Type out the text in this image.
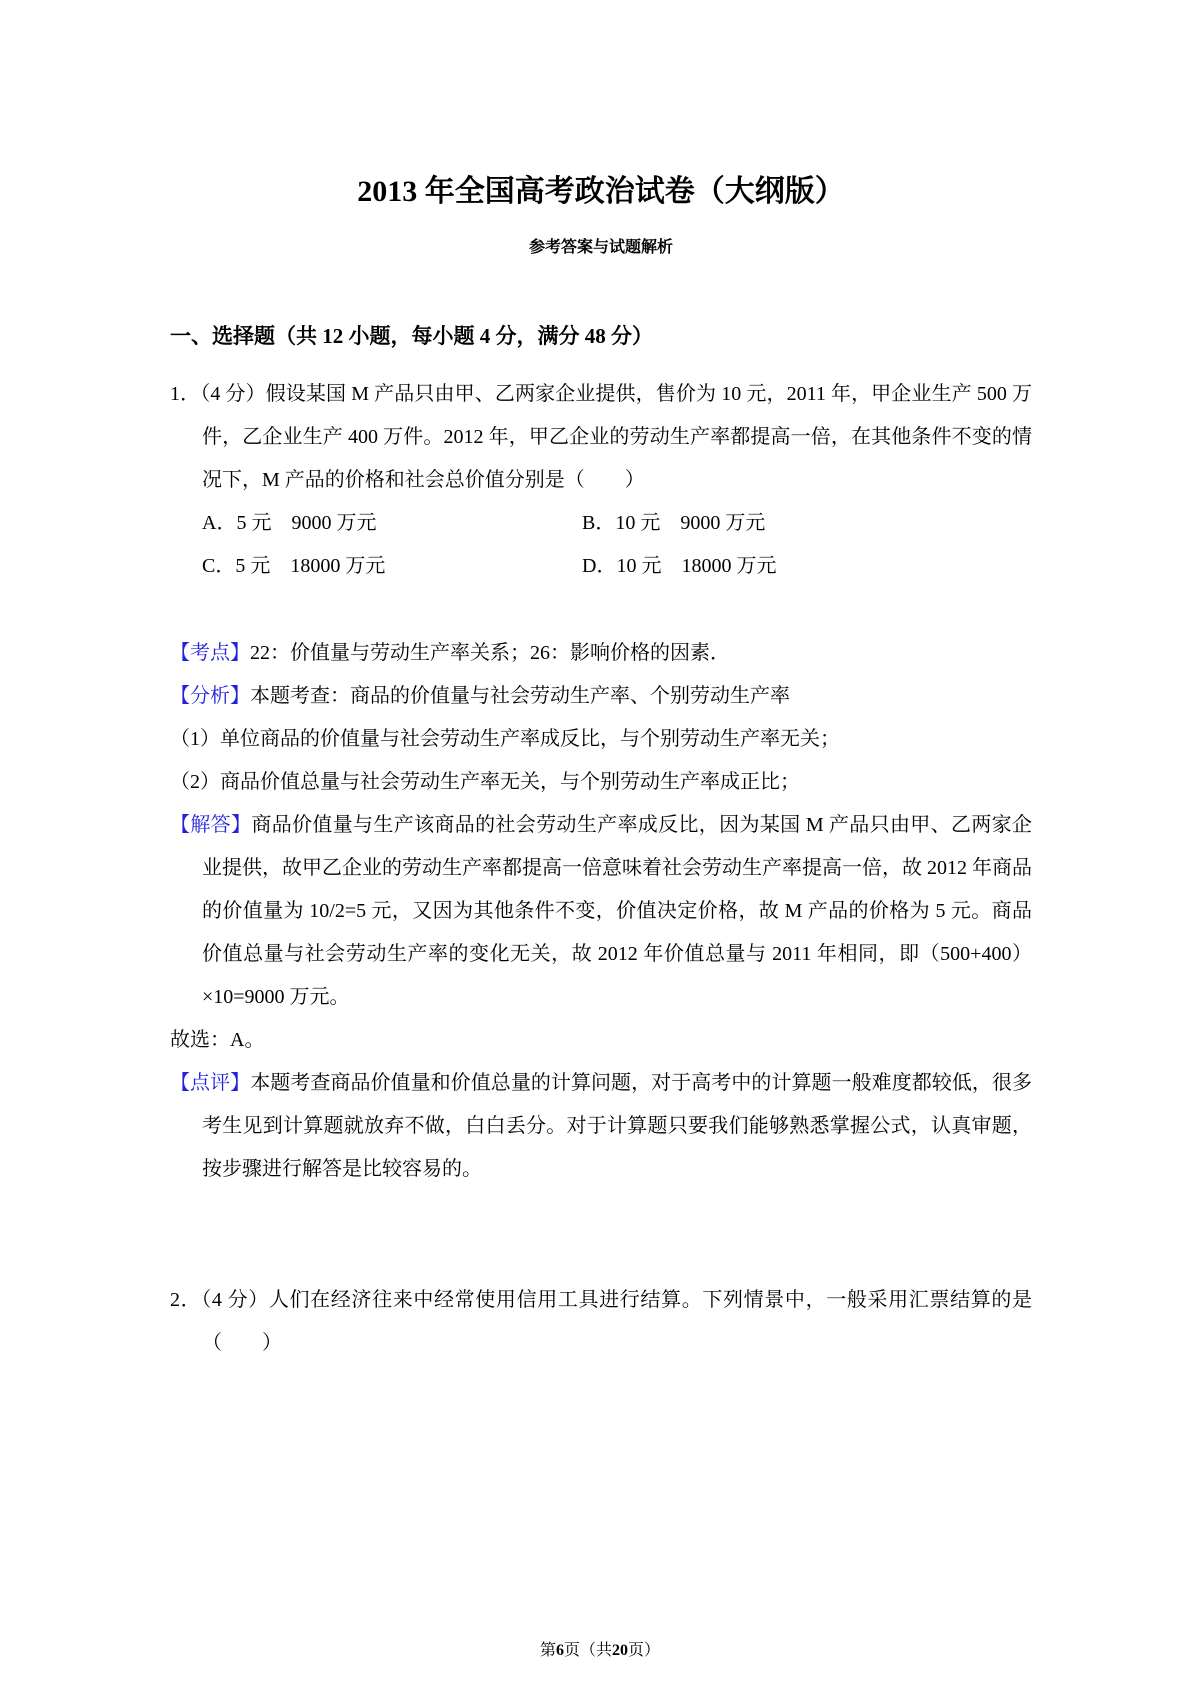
2013 年全国高考政治试卷（大纲版）
参考答案与试题解析
一、选择题（共 12 小题，每小题 4 分，满分 48 分）

1．（4 分）假设某国 M 产品只由甲、乙两家企业提供，售价为 10 元，2011 年，甲企业生产 500 万件，乙企业生产 400 万件。2012 年，甲乙企业的劳动生产率都提高一倍，在其他条件不变的情况下，M 产品的价格和社会总价值分别是（　　）

A．5 元　9000 万元	B．10 元　9000 万元
C．5 元　18000 万元	D．10 元　18000 万元

【考点】22：价值量与劳动生产率关系；26：影响价格的因素．

【分析】本题考查：商品的价值量与社会劳动生产率、个别劳动生产率

（1）单位商品的价值量与社会劳动生产率成反比，与个别劳动生产率无关；

（2）商品价值总量与社会劳动生产率无关，与个别劳动生产率成正比；

【解答】商品价值量与生产该商品的社会劳动生产率成反比，因为某国 M 产品只由甲、乙两家企业提供，故甲乙企业的劳动生产率都提高一倍意味着社会劳动生产率提高一倍，故 2012 年商品的价值量为 10/2=5 元，又因为其他条件不变，价值决定价格，故 M 产品的价格为 5 元。商品价值总量与社会劳动生产率的变化无关，故 2012 年价值总量与 2011 年相同，即（500+400）×10=9000 万元。

故选：A。

【点评】本题考查商品价值量和价值总量的计算问题，对于高考中的计算题一般难度都较低，很多考生见到计算题就放弃不做，白白丢分。对于计算题只要我们能够熟悉掌握公式，认真审题，按步骤进行解答是比较容易的。

2．（4 分）人们在经济往来中经常使用信用工具进行结算。下列情景中，一般采用汇票结算的是（　　）

第6页（共20页）
